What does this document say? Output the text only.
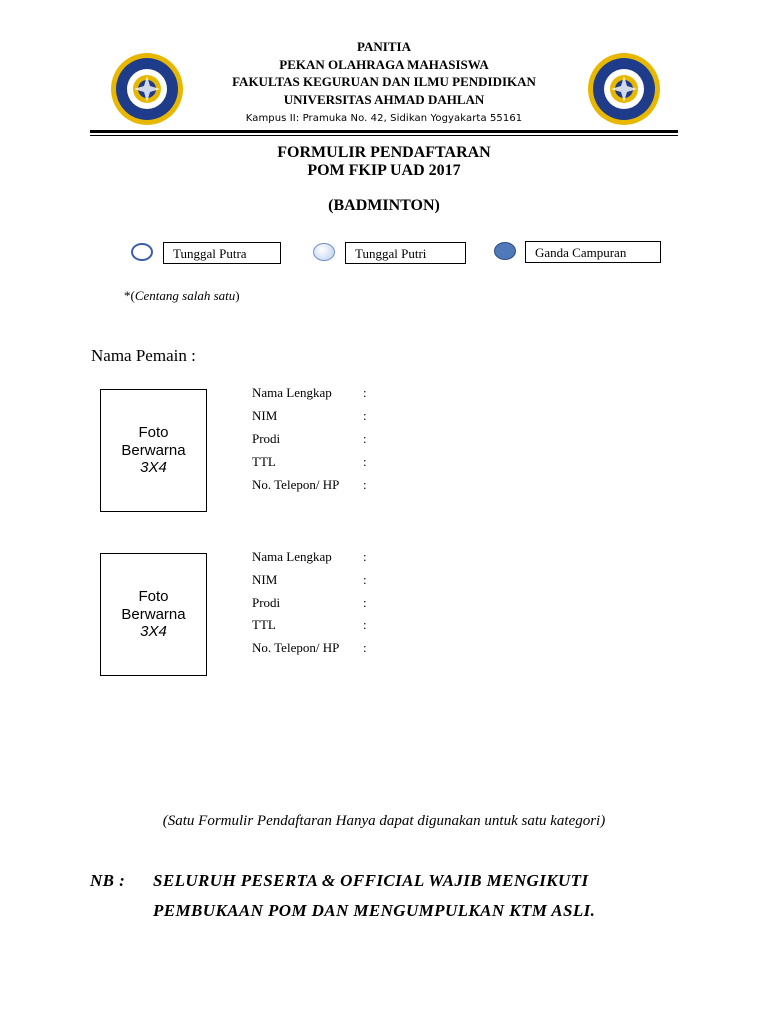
PANITIA
PEKAN OLAHRAGA MAHASISWA
FAKULTAS KEGURUAN DAN ILMU PENDIDIKAN
UNIVERSITAS AHMAD DAHLAN
Kampus II: Pramuka No. 42, Sidikan Yogyakarta 55161
FORMULIR PENDAFTARAN
POM FKIP UAD 2017
(BADMINTON)
Tunggal Putra	Tunggal Putri	Ganda Campuran
*(Centang salah satu)
Nama Pemain :
Foto
Berwarna
3X4
Nama Lengkap :
NIM	:
Prodi	:
TTL	:
No. Telepon/ HP :
Foto
Berwarna
3X4
Nama Lengkap :
NIM	:
Prodi	:
TTL	:
No. Telepon/ HP :
(Satu Formulir Pendaftaran Hanya dapat digunakan untuk satu kategori)
NB : SELURUH PESERTA & OFFICIAL WAJIB MENGIKUTI
PEMBUKAAN POM DAN MENGUMPULKAN KTM ASLI.
